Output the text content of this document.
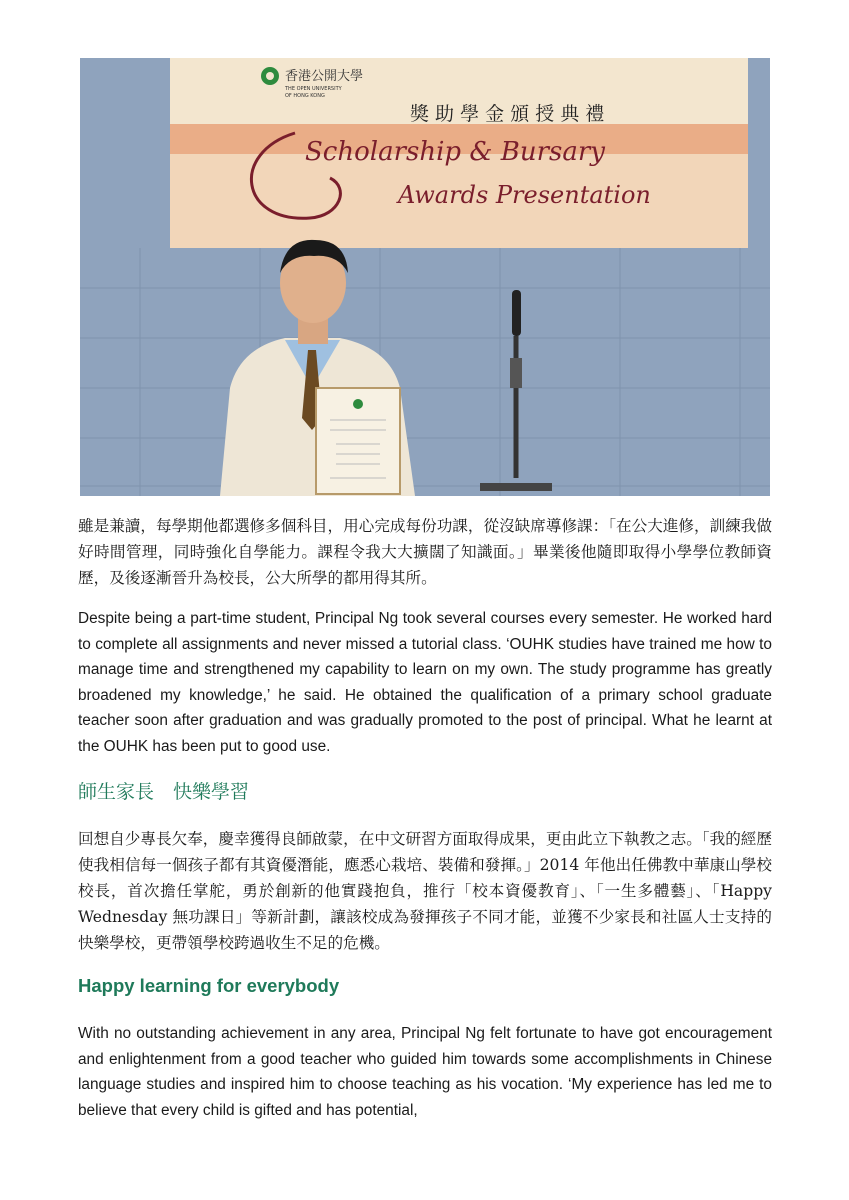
香港公開大學
THE OPEN UNIVERSITY
OF HONG KONG
獎 助 學 金 頒 授 典 禮
Scholarship & Bursary
Awards Presentation

雖是兼讀，每學期他都選修多個科目，用心完成每份功課，從沒缺席導修課：「在公大進修，訓練我做好時間管理，同時強化自學能力。課程令我大大擴闊了知識面。」畢業後他隨即取得小學學位教師資歷，及後逐漸晉升為校長，公大所學的都用得其所。

Despite being a part-time student, Principal Ng took several courses every semester. He worked hard to complete all assignments and never missed a tutorial class. ‘OUHK studies have trained me how to manage time and strengthened my capability to learn on my own. The study programme has greatly broadened my knowledge,’ he said. He obtained the qualification of a primary school graduate teacher soon after graduation and was gradually promoted to the post of principal. What he learnt at the OUHK has been put to good use.

師生家長　快樂學習

回想自少專長欠奉，慶幸獲得良師啟蒙，在中文研習方面取得成果，更由此立下執教之志。「我的經歷使我相信每一個孩子都有其資優潛能，應悉心栽培、裝備和發揮。」2014 年他出任佛教中華康山學校校長，首次擔任掌舵，勇於創新的他實踐抱負，推行「校本資優教育」、「一生多體藝」、「Happy Wednesday 無功課日」等新計劃，讓該校成為發揮孩子不同才能，並獲不少家長和社區人士支持的快樂學校，更帶領學校跨過收生不足的危機。

Happy learning for everybody

With no outstanding achievement in any area, Principal Ng felt fortunate to have got encouragement and enlightenment from a good teacher who guided him towards some accomplishments in Chinese language studies and inspired him to choose teaching as his vocation. ‘My experience has led me to believe that every child is gifted and has potential,
